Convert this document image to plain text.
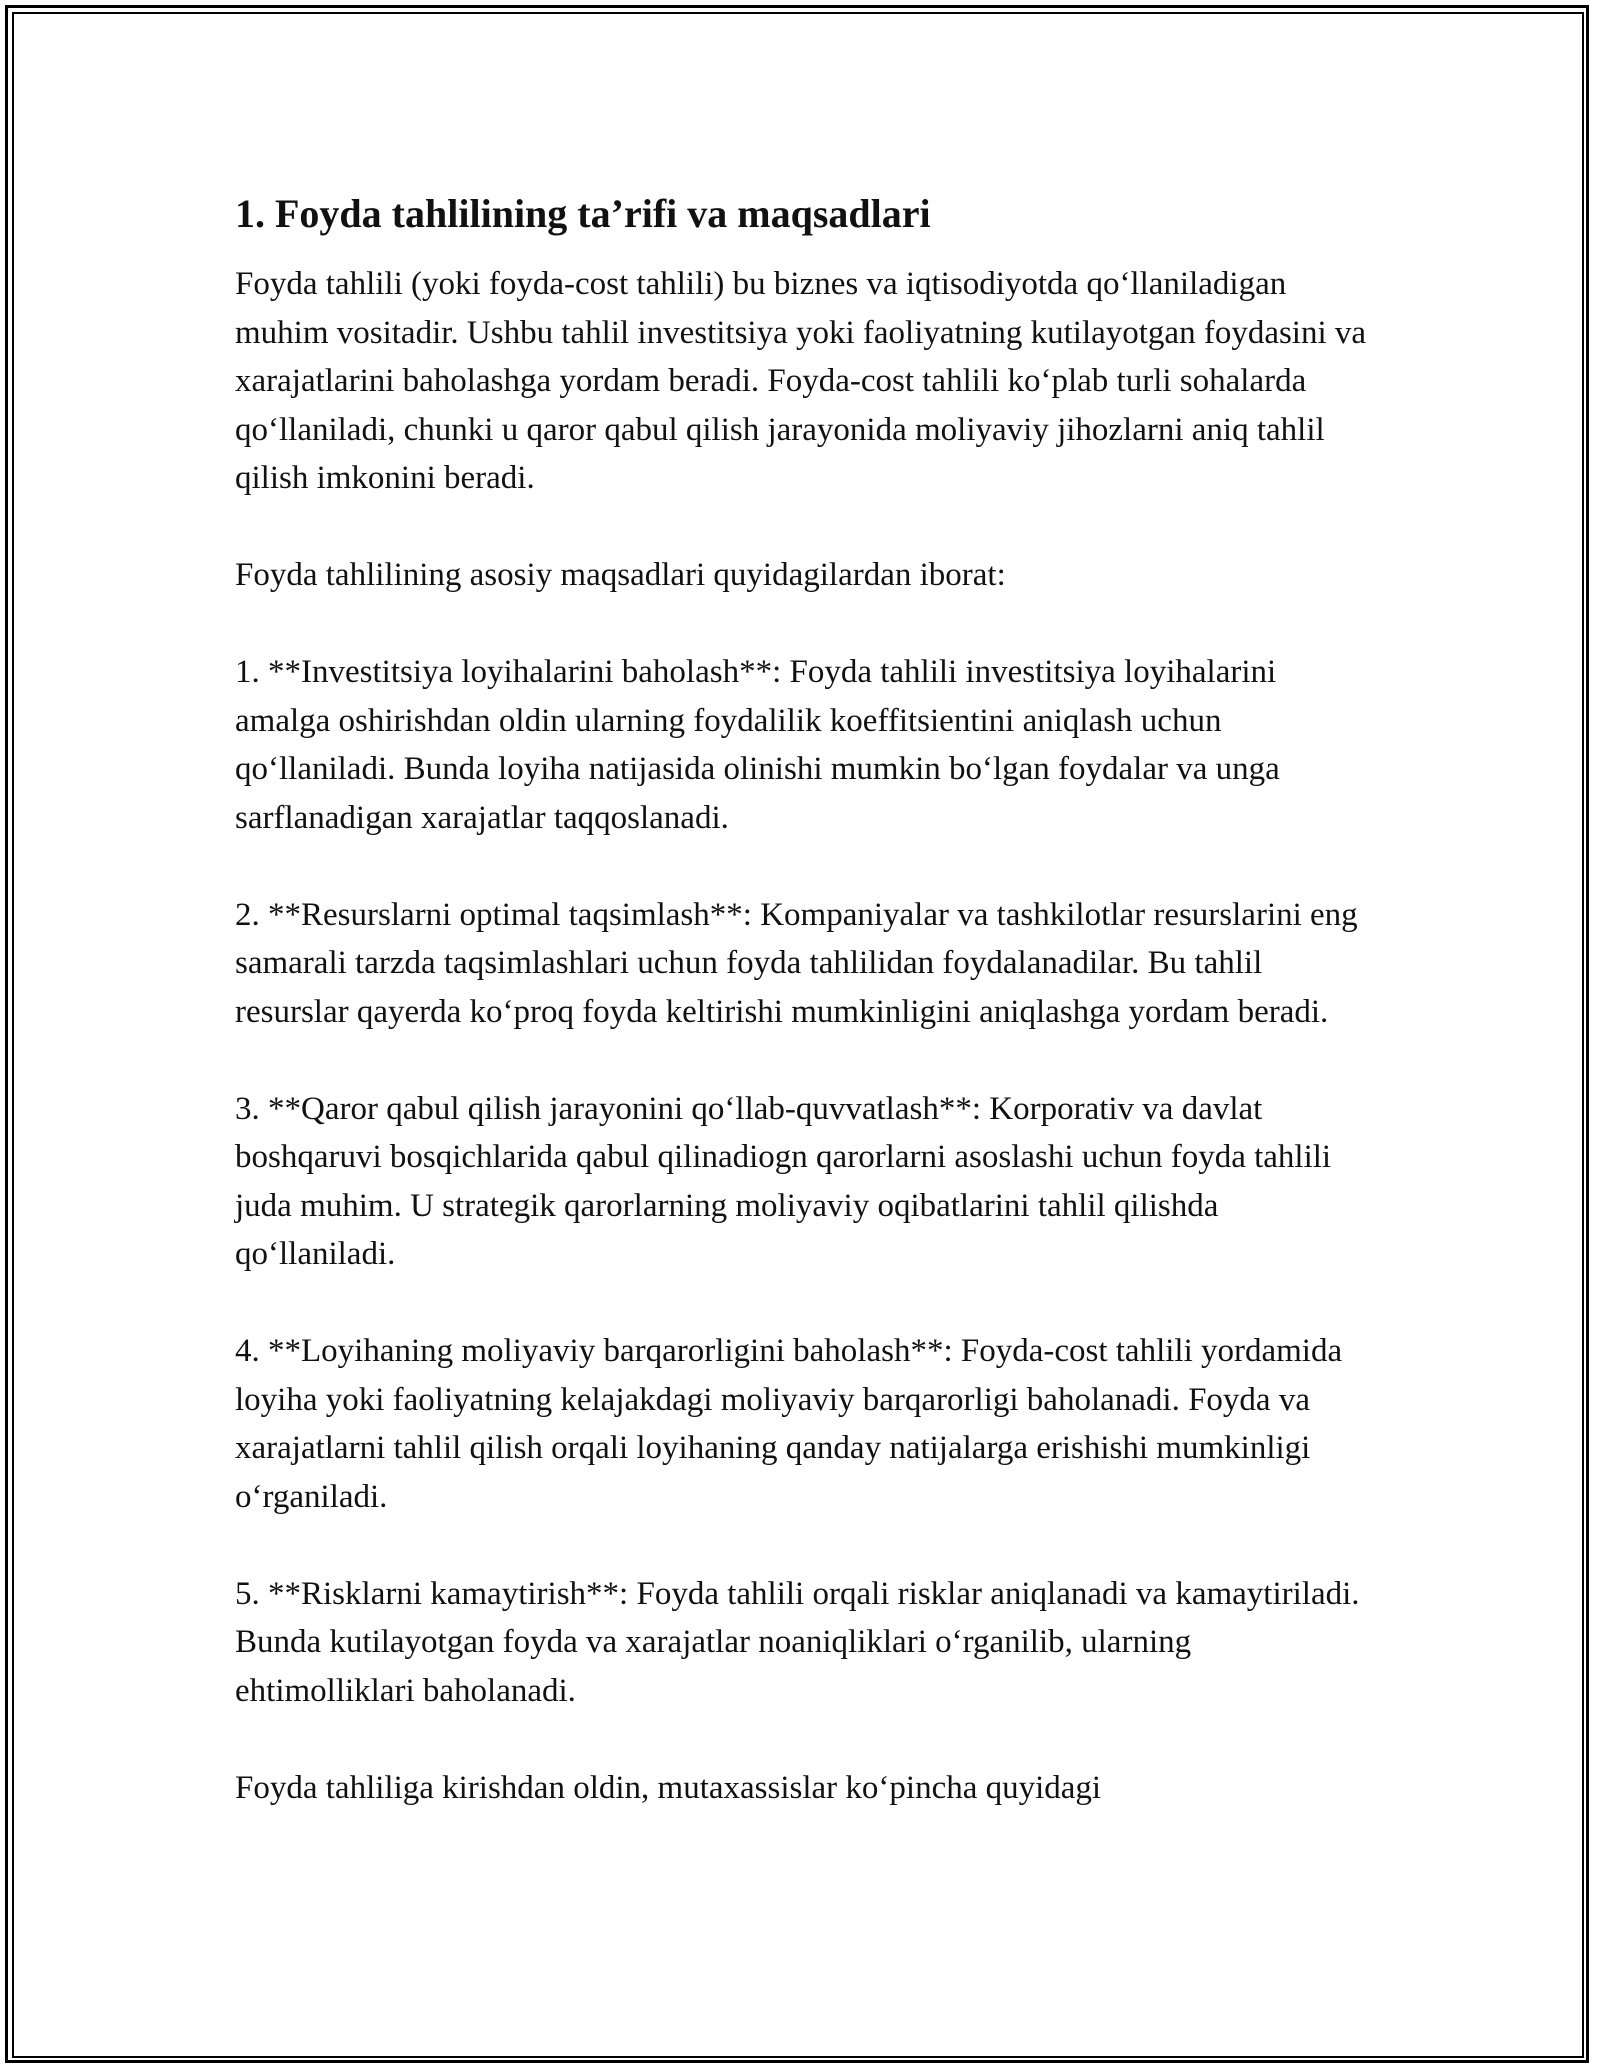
1. Foyda tahlilining ta’rifi va maqsadlari

Foyda tahlili (yoki foyda-cost tahlili) bu biznes va iqtisodiyotda qo‘llaniladigan muhim vositadir. Ushbu tahlil investitsiya yoki faoliyatning kutilayotgan foydasini va xarajatlarini baholashga yordam beradi. Foyda-cost tahlili ko‘plab turli sohalarda qo‘llaniladi, chunki u qaror qabul qilish jarayonida moliyaviy jihozlarni aniq tahlil qilish imkonini beradi.

Foyda tahlilining asosiy maqsadlari quyidagilardan iborat:

1. **Investitsiya loyihalarini baholash**: Foyda tahlili investitsiya loyihalarini amalga oshirishdan oldin ularning foydalilik koeffitsientini aniqlash uchun qo‘llaniladi. Bunda loyiha natijasida olinishi mumkin bo‘lgan foydalar va unga sarflanadigan xarajatlar taqqoslanadi.

2. **Resurslarni optimal taqsimlash**: Kompaniyalar va tashkilotlar resurslarini eng samarali tarzda taqsimlashlari uchun foyda tahlilidan foydalanadilar. Bu tahlil resurslar qayerda ko‘proq foyda keltirishi mumkinligini aniqlashga yordam beradi.

3. **Qaror qabul qilish jarayonini qo‘llab-quvvatlash**: Korporativ va davlat boshqaruvi bosqichlarida qabul qilinadiogn qarorlarni asoslashi uchun foyda tahlili juda muhim. U strategik qarorlarning moliyaviy oqibatlarini tahlil qilishda qo‘llaniladi.

4. **Loyihaning moliyaviy barqarorligini baholash**: Foyda-cost tahlili yordamida loyiha yoki faoliyatning kelajakdagi moliyaviy barqarorligi baholanadi. Foyda va xarajatlarni tahlil qilish orqali loyihaning qanday natijalarga erishishi mumkinligi o‘rganiladi.

5. **Risklarni kamaytirish**: Foyda tahlili orqali risklar aniqlanadi va kamaytiriladi. Bunda kutilayotgan foyda va xarajatlar noaniqliklari o‘rganilib, ularning ehtimolliklari baholanadi.

Foyda tahliliga kirishdan oldin, mutaxassislar ko‘pincha quyidagi
